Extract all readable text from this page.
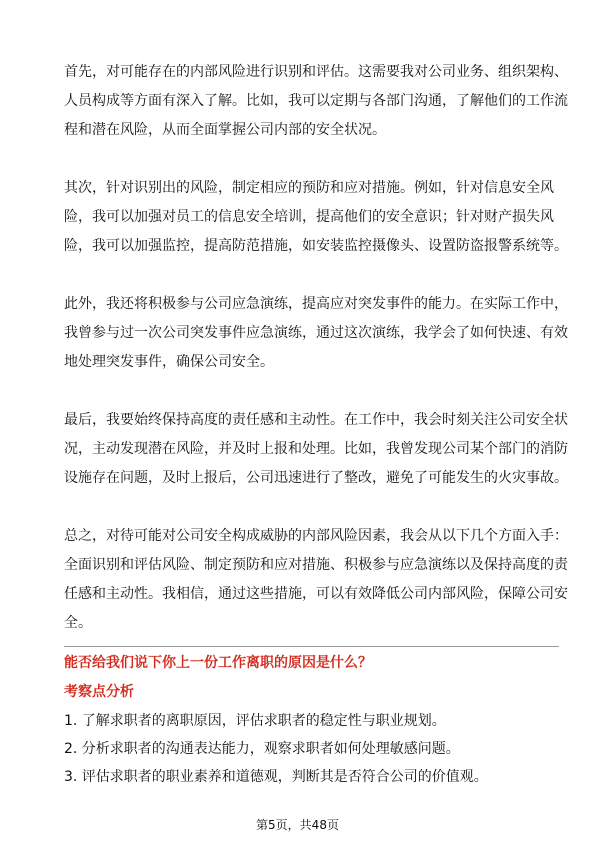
首先，对可能存在的内部风险进行识别和评估。这需要我对公司业务、组织架构、
人员构成等方面有深入了解。比如，我可以定期与各部门沟通，了解他们的工作流
程和潜在风险，从而全面掌握公司内部的安全状况。

其次，针对识别出的风险，制定相应的预防和应对措施。例如，针对信息安全风
险，我可以加强对员工的信息安全培训，提高他们的安全意识；针对财产损失风
险，我可以加强监控，提高防范措施，如安装监控摄像头、设置防盗报警系统等。

此外，我还将积极参与公司应急演练，提高应对突发事件的能力。在实际工作中，
我曾参与过一次公司突发事件应急演练，通过这次演练，我学会了如何快速、有效
地处理突发事件，确保公司安全。

最后，我要始终保持高度的责任感和主动性。在工作中，我会时刻关注公司安全状
况，主动发现潜在风险，并及时上报和处理。比如，我曾发现公司某个部门的消防
设施存在问题，及时上报后，公司迅速进行了整改，避免了可能发生的火灾事故。

总之，对待可能对公司安全构成威胁的内部风险因素，我会从以下几个方面入手：
全面识别和评估风险、制定预防和应对措施、积极参与应急演练以及保持高度的责
任感和主动性。我相信，通过这些措施，可以有效降低公司内部风险，保障公司安
全。

能否给我们说下你上一份工作离职的原因是什么？
考察点分析
1. 了解求职者的离职原因，评估求职者的稳定性与职业规划。
2. 分析求职者的沟通表达能力，观察求职者如何处理敏感问题。
3. 评估求职者的职业素养和道德观，判断其是否符合公司的价值观。
第5页，共48页
